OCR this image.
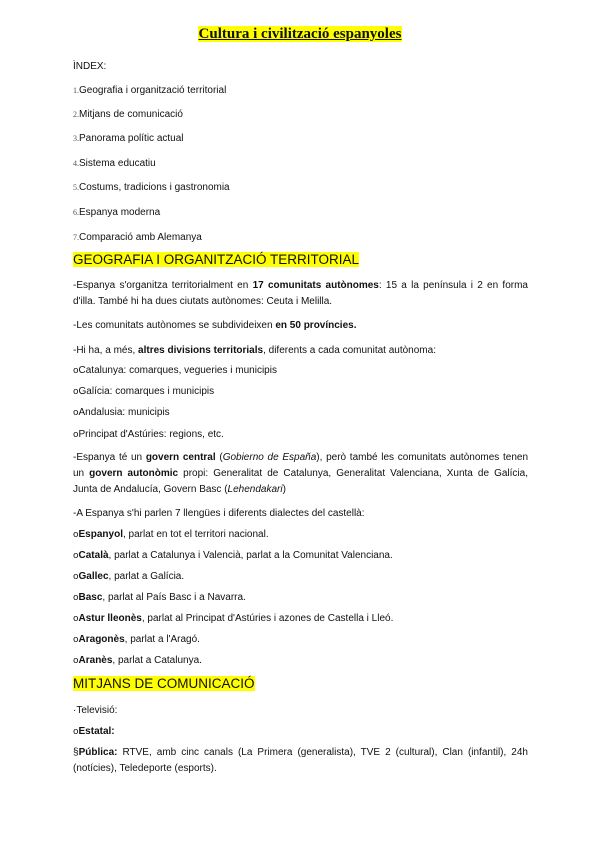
Cultura i civilització espanyoles
ÌNDEX:
1.Geografia i organització territorial
2.Mitjans de comunicació
3.Panorama polític actual
4.Sistema educatiu
5.Costums, tradicions i gastronomia
6.Espanya moderna
7.Comparació amb Alemanya
GEOGRAFIA I ORGANITZACIÓ TERRITORIAL
-Espanya s'organitza territorialment en 17 comunitats autònomes: 15 a la península i 2 en forma d'illa. També hi ha dues ciutats autònomes: Ceuta i Melilla.
-Les comunitats autònomes se subdivideixen en 50 províncies.
-Hi ha, a més, altres divisions territorials, diferents a cada comunitat autònoma:
oCatalunya: comarques, vegueries i municipis
oGalícia: comarques i municipis
oAndalusia: municipis
oPrincipat d'Astúries: regions, etc.
-Espanya té un govern central (Gobierno de España), però també les comunitats autònomes tenen un govern autonòmic propi: Generalitat de Catalunya, Generalitat Valenciana, Xunta de Galícia, Junta de Andalucía, Govern Basc (Lehendakari)
-A Espanya s'hi parlen 7 llengües i diferents dialectes del castellà:
oEspanyol, parlat en tot el territori nacional.
oCatalà, parlat a Catalunya i Valencià, parlat a la Comunitat Valenciana.
oGallec, parlat a Galícia.
oBasc, parlat al País Basc i a Navarra.
oAstur lleonès, parlat al Principat d'Astúries i azones de Castella i Lleó.
oAragonès, parlat a l'Aragó.
oAranès, parlat a Catalunya.
MITJANS DE COMUNICACIÓ
·Televisió:
oEstatal:
§Pública: RTVE, amb cinc canals (La Primera (generalista), TVE 2 (cultural), Clan (infantil), 24h (notícies), Teledeporte (esports).
